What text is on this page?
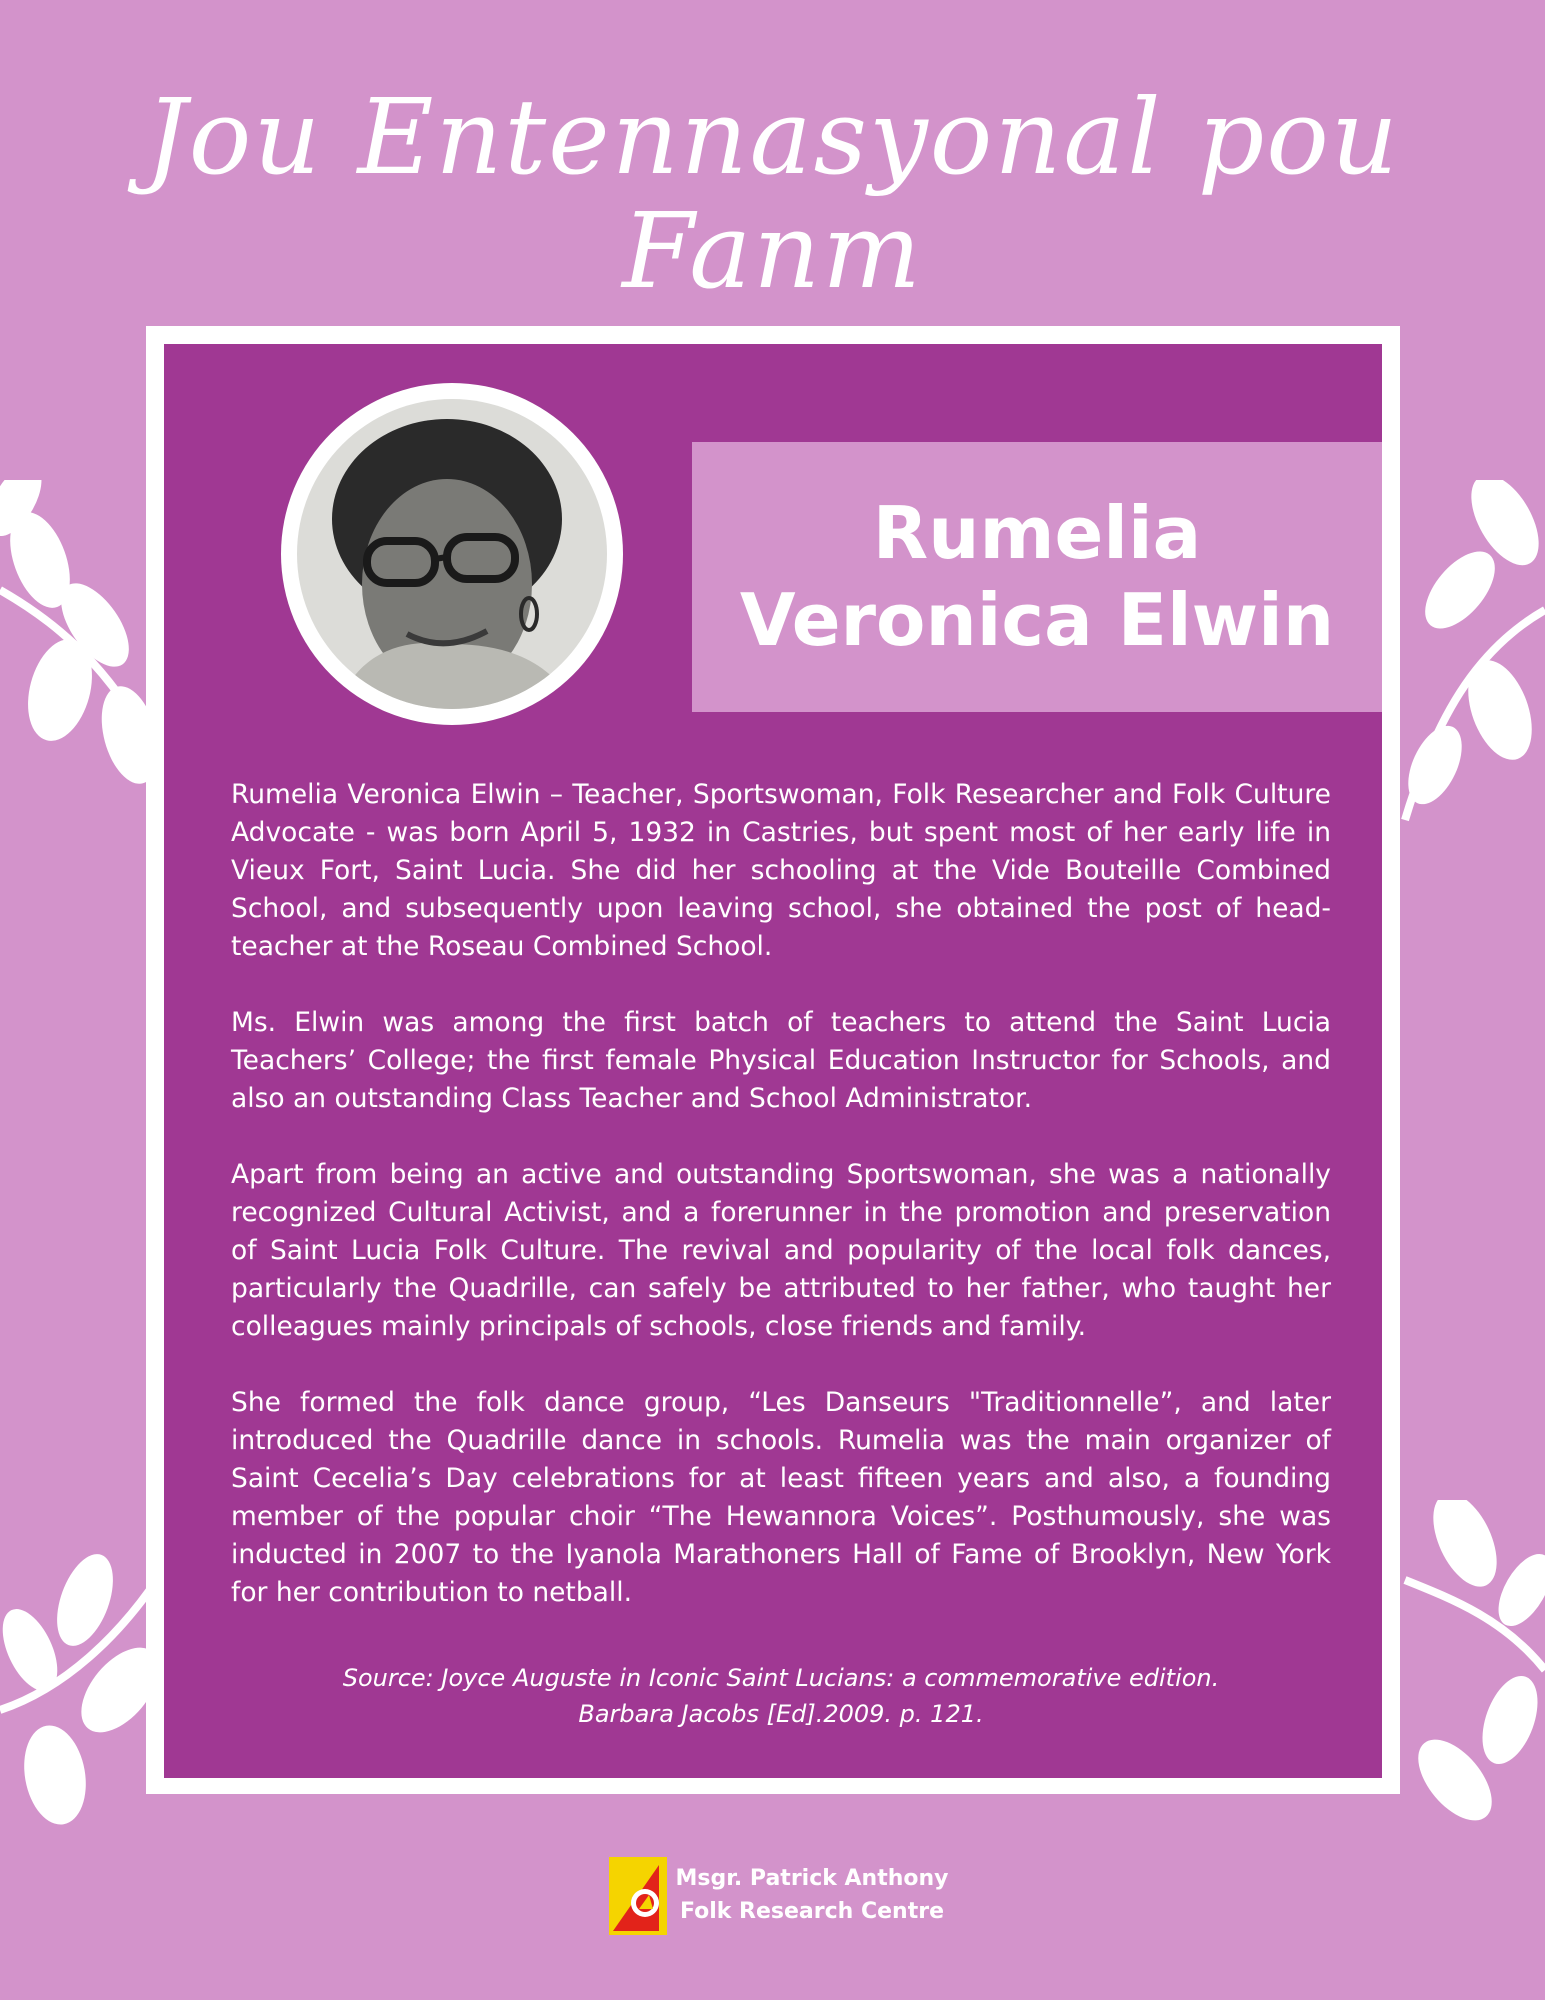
Jou Entennasyonal pou Fanm
Rumelia
Veronica Elwin

Rumelia Veronica Elwin – Teacher, Sportswoman, Folk Researcher and Folk Culture Advocate - was born April 5, 1932 in Castries, but spent most of her early life in Vieux Fort, Saint Lucia. She did her schooling at the Vide Bouteille Combined School, and subsequently upon leaving school, she obtained the post of head-teacher at the Roseau Combined School.

Ms. Elwin was among the first batch of teachers to attend the Saint Lucia Teachers’ College; the first female Physical Education Instructor for Schools, and also an outstanding Class Teacher and School Administrator.

Apart from being an active and outstanding Sportswoman, she was a nationally recognized Cultural Activist, and a forerunner in the promotion and preservation of Saint Lucia Folk Culture. The revival and popularity of the local folk dances, particularly the Quadrille, can safely be attributed to her father, who taught her colleagues mainly principals of schools, close friends and family.

She formed the folk dance group, “Les Danseurs "Traditionnelle”, and later introduced the Quadrille dance in schools. Rumelia was the main organizer of Saint Cecelia’s Day celebrations for at least fifteen years and also, a founding member of the popular choir “The Hewannora Voices”. Posthumously, she was inducted in 2007 to the Iyanola Marathoners Hall of Fame of Brooklyn, New York for her contribution to netball.

Source: Joyce Auguste in Iconic Saint Lucians: a commemorative edition.
Barbara Jacobs [Ed].2009. p. 121.
Msgr. Patrick Anthony
Folk Research Centre
